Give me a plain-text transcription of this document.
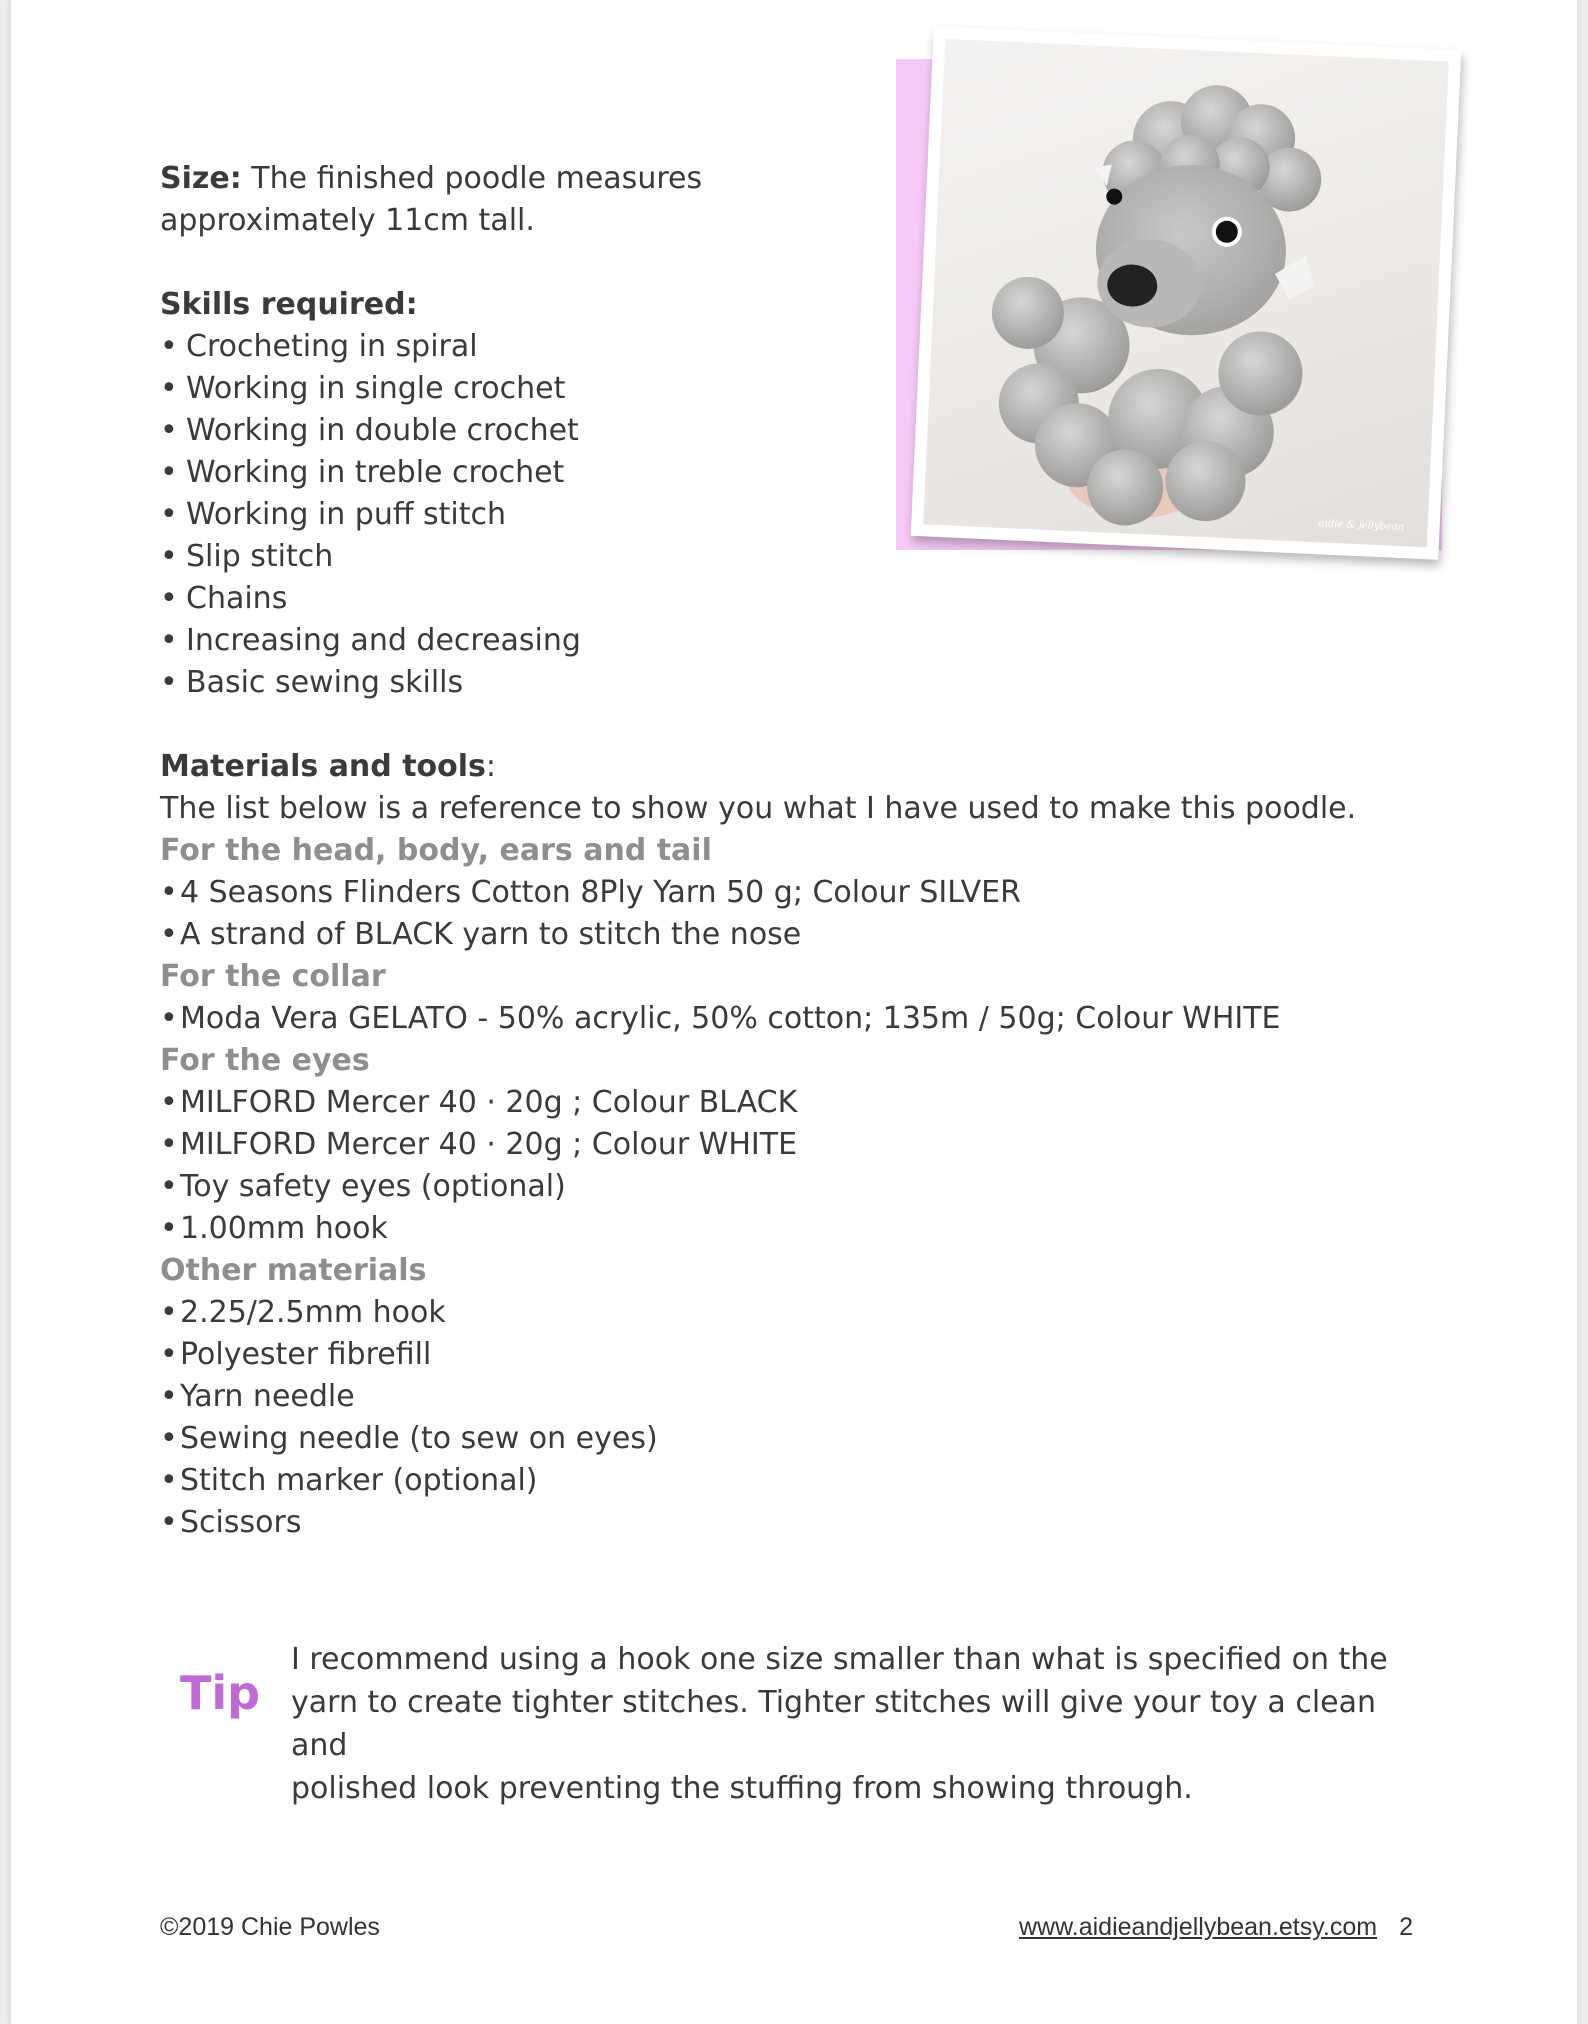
aidie & jellybean

Size: The finished poodle measures

approximately 11cm tall.

Skills required:

• Crocheting in spiral
• Working in single crochet
• Working in double crochet
• Working in treble crochet
• Working in puff stitch
• Slip stitch
• Chains
• Increasing and decreasing
• Basic sewing skills

Materials and tools:

The list below is a reference to show you what I have used to make this poodle.

For the head, body, ears and tail

•4 Seasons Flinders Cotton 8Ply Yarn 50 g; Colour SILVER
•A strand of BLACK yarn to stitch the nose

For the collar

•Moda Vera GELATO - 50% acrylic, 50% cotton; 135m / 50g; Colour WHITE

For the eyes

•MILFORD Mercer 40 · 20g ; Colour BLACK
•MILFORD Mercer 40 · 20g ; Colour WHITE
•Toy safety eyes (optional)
•1.00mm hook

Other materials

•2.25/2.5mm hook
•Polyester fibrefill
•Yarn needle
•Sewing needle (to sew on eyes)
•Stitch marker (optional)
•Scissors
Tip
I recommend using a hook one size smaller than what is specified on the
yarn to create tighter stitches. Tighter stitches will give your toy a clean and
polished look preventing the stuffing from showing through.
©2019 Chie Powles	www.aidieandjellybean.etsy.com 2
